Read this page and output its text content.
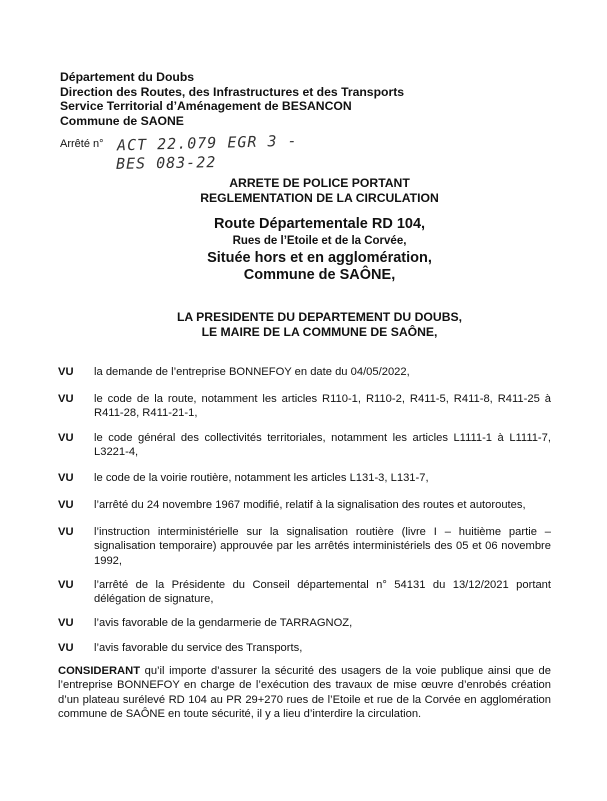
Département du Doubs
Direction des Routes, des Infrastructures et des Transports
Service Territorial d’Aménagement de BESANCON
Commune de SAONE
Arrêté n° ACT 22.079 EGR 3 -
BES 083-22
ARRETE DE POLICE PORTANT
REGLEMENTATION DE LA CIRCULATION
Route Départementale RD 104,
Rues de l’Etoile et de la Corvée,
Située hors et en agglomération,
Commune de SAÔNE,
LA PRESIDENTE DU DEPARTEMENT DU DOUBS,
LE MAIRE DE LA COMMUNE DE SAÔNE,
VU	la demande de l’entreprise BONNEFOY en date du 04/05/2022,
VU	le code de la route, notamment les articles R110-1, R110-2, R411-5, R411-8, R411-25 à R411-28, R411-21-1,
VU	le code général des collectivités territoriales, notamment les articles L1111-1 à L1111-7, L3221-4,
VU	le code de la voirie routière, notamment les articles L131-3, L131-7,
VU	l’arrêté du 24 novembre 1967 modifié, relatif à la signalisation des routes et autoroutes,
VU	l’instruction interministérielle sur la signalisation routière (livre I – huitième partie – signalisation temporaire) approuvée par les arrêtés interministériels des 05 et 06 novembre 1992,
VU	l’arrêté de la Présidente du Conseil départemental n° 54131 du 13/12/2021 portant délégation de signature,
VU	l’avis favorable de la gendarmerie de TARRAGNOZ,
VU	l’avis favorable du service des Transports,
CONSIDERANT qu’il importe d’assurer la sécurité des usagers de la voie publique ainsi que de l’entreprise BONNEFOY en charge de l’exécution des travaux de mise œuvre d’enrobés création d’un plateau surélevé RD 104 au PR 29+270 rues de l’Etoile et rue de la Corvée en agglomération commune de SAÔNE en toute sécurité, il y a lieu d’interdire la circulation.
